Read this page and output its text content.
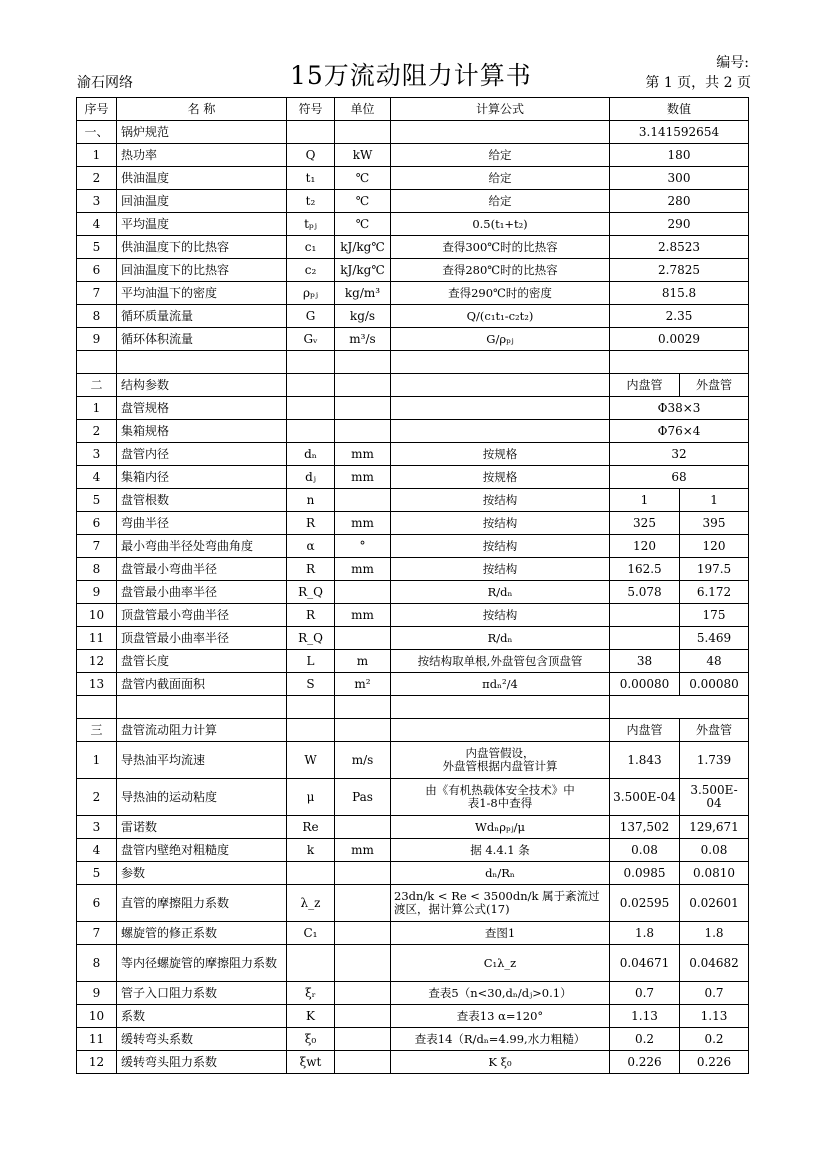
渝石网络	15万流动阻力计算书	编号:
第 1 页，共 2 页
序号	名 称	符号	单位	计算公式	数值	
一、	锅炉规范				3.141592654	
1	热功率	Q	kW	给定	180	
2	供油温度	t₁	℃	给定	300	
3	回油温度	t₂	℃	给定	280	
4	平均温度	tₚⱼ	℃	0.5(t₁+t₂)	290	
5	供油温度下的比热容	c₁	kJ/kg℃	查得300℃时的比热容	2.8523	
6	回油温度下的比热容	c₂	kJ/kg℃	查得280℃时的比热容	2.7825	
7	平均油温下的密度	ρₚⱼ	kg/m³	查得290℃时的密度	815.8	
8	循环质量流量	G	kg/s	Q/(c₁t₁-c₂t₂)	2.35	
9	循环体积流量	Gᵥ	m³/s	G/ρₚⱼ	0.0029	

二	结构参数				内盘管	外盘管
1	盘管规格				Φ38×3	
2	集箱规格				Φ76×4	
3	盘管内径	dₙ	mm	按规格	32	
4	集箱内径	dⱼ	mm	按规格	68	
5	盘管根数	n		按结构	1	1
6	弯曲半径	R	mm	按结构	325	395
7	最小弯曲半径处弯曲角度	α	°	按结构	120	120
8	盘管最小弯曲半径	R	mm	按结构	162.5	197.5
9	盘管最小曲率半径	R_Q		R/dₙ	5.078	6.172
10	顶盘管最小弯曲半径	R	mm	按结构		175
11	顶盘管最小曲率半径	R_Q		R/dₙ		5.469
12	盘管长度	L	m	按结构取单根,外盘管包含顶盘管	38	48
13	盘管内截面面积	S	m²	πdₙ²/4	0.00080	0.00080

三	盘管流动阻力计算				内盘管	外盘管
1	导热油平均流速	W	m/s	内盘管假设，
外盘管根据内盘管计算	1.843	1.739
2	导热油的运动粘度	μ	Pas	由《有机热载体安全技术》中
表1-8中查得	3.500E-04	3.500E-04
3	雷诺数	Re		Wdₙρₚⱼ/μ	137,502	129,671
4	盘管内壁绝对粗糙度	k	mm	据 4.4.1 条	0.08	0.08
5	参数			dₙ/Rₙ	0.0985	0.0810
6	直管的摩擦阻力系数	λ_z		23dn/k < Re < 3500dn/k 属于紊流过渡区，据计算公式(17)	0.02595	0.02601
7	螺旋管的修正系数	C₁		查图1	1.8	1.8
8	等内径螺旋管的摩擦阻力系数			C₁λ_z	0.04671	0.04682
9	管子入口阻力系数	ξᵣ		查表5（n<30,dₙ/dⱼ>0.1）	0.7	0.7
10	系数	K		查表13 α=120°	1.13	1.13
11	缓转弯头系数	ξ₀		查表14（R/dₙ=4.99,水力粗糙）	0.2	0.2
12	缓转弯头阻力系数	ξwt		K ξ₀	0.226	0.226
